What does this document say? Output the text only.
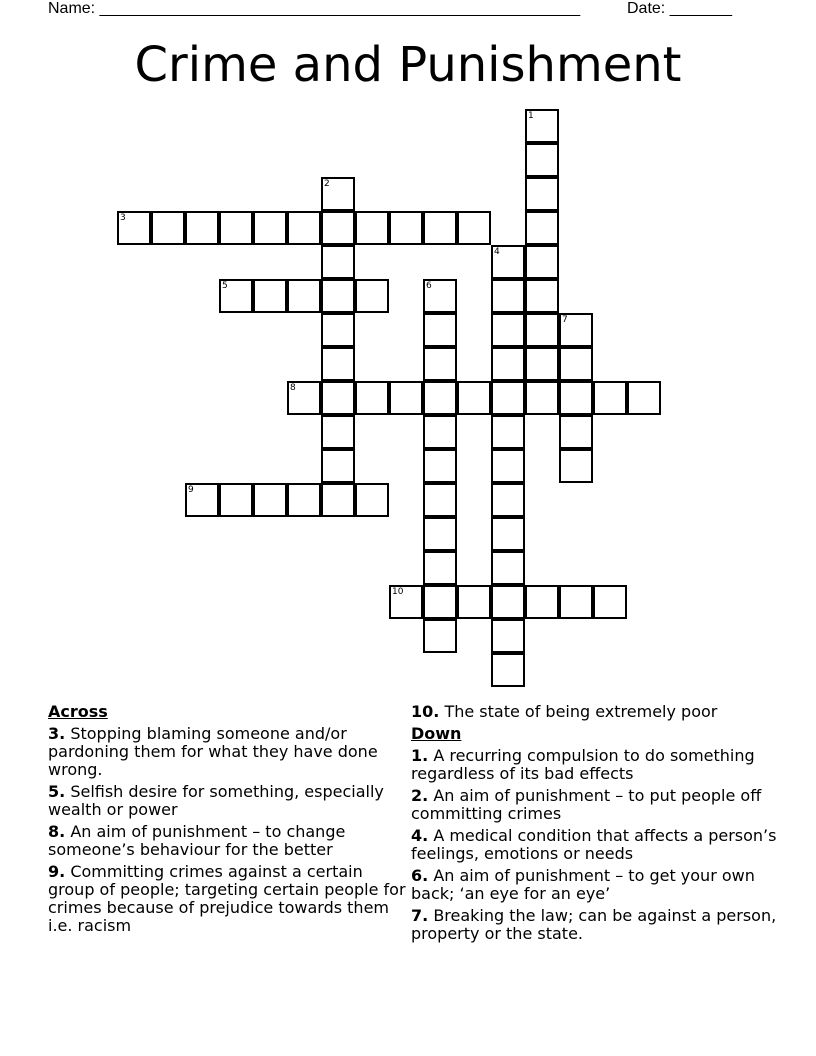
Name: ______________________________________________________	Date: _______
Crime and Punishment
1
2
3
4
5	6
7
8
9
10
Across
3. Stopping blaming someone and/or pardoning them for what they have done wrong.
5. Selfish desire for something, especially wealth or power
8. An aim of punishment – to change someone’s behaviour for the better
9. Committing crimes against a certain group of people; targeting certain people for crimes because of prejudice towards them i.e. racism
10. The state of being extremely poor
Down
1. A recurring compulsion to do something regardless of its bad effects
2. An aim of punishment – to put people off committing crimes
4. A medical condition that affects a person’s feelings, emotions or needs
6. An aim of punishment – to get your own back; ‘an eye for an eye’
7. Breaking the law; can be against a person, property or the state.
